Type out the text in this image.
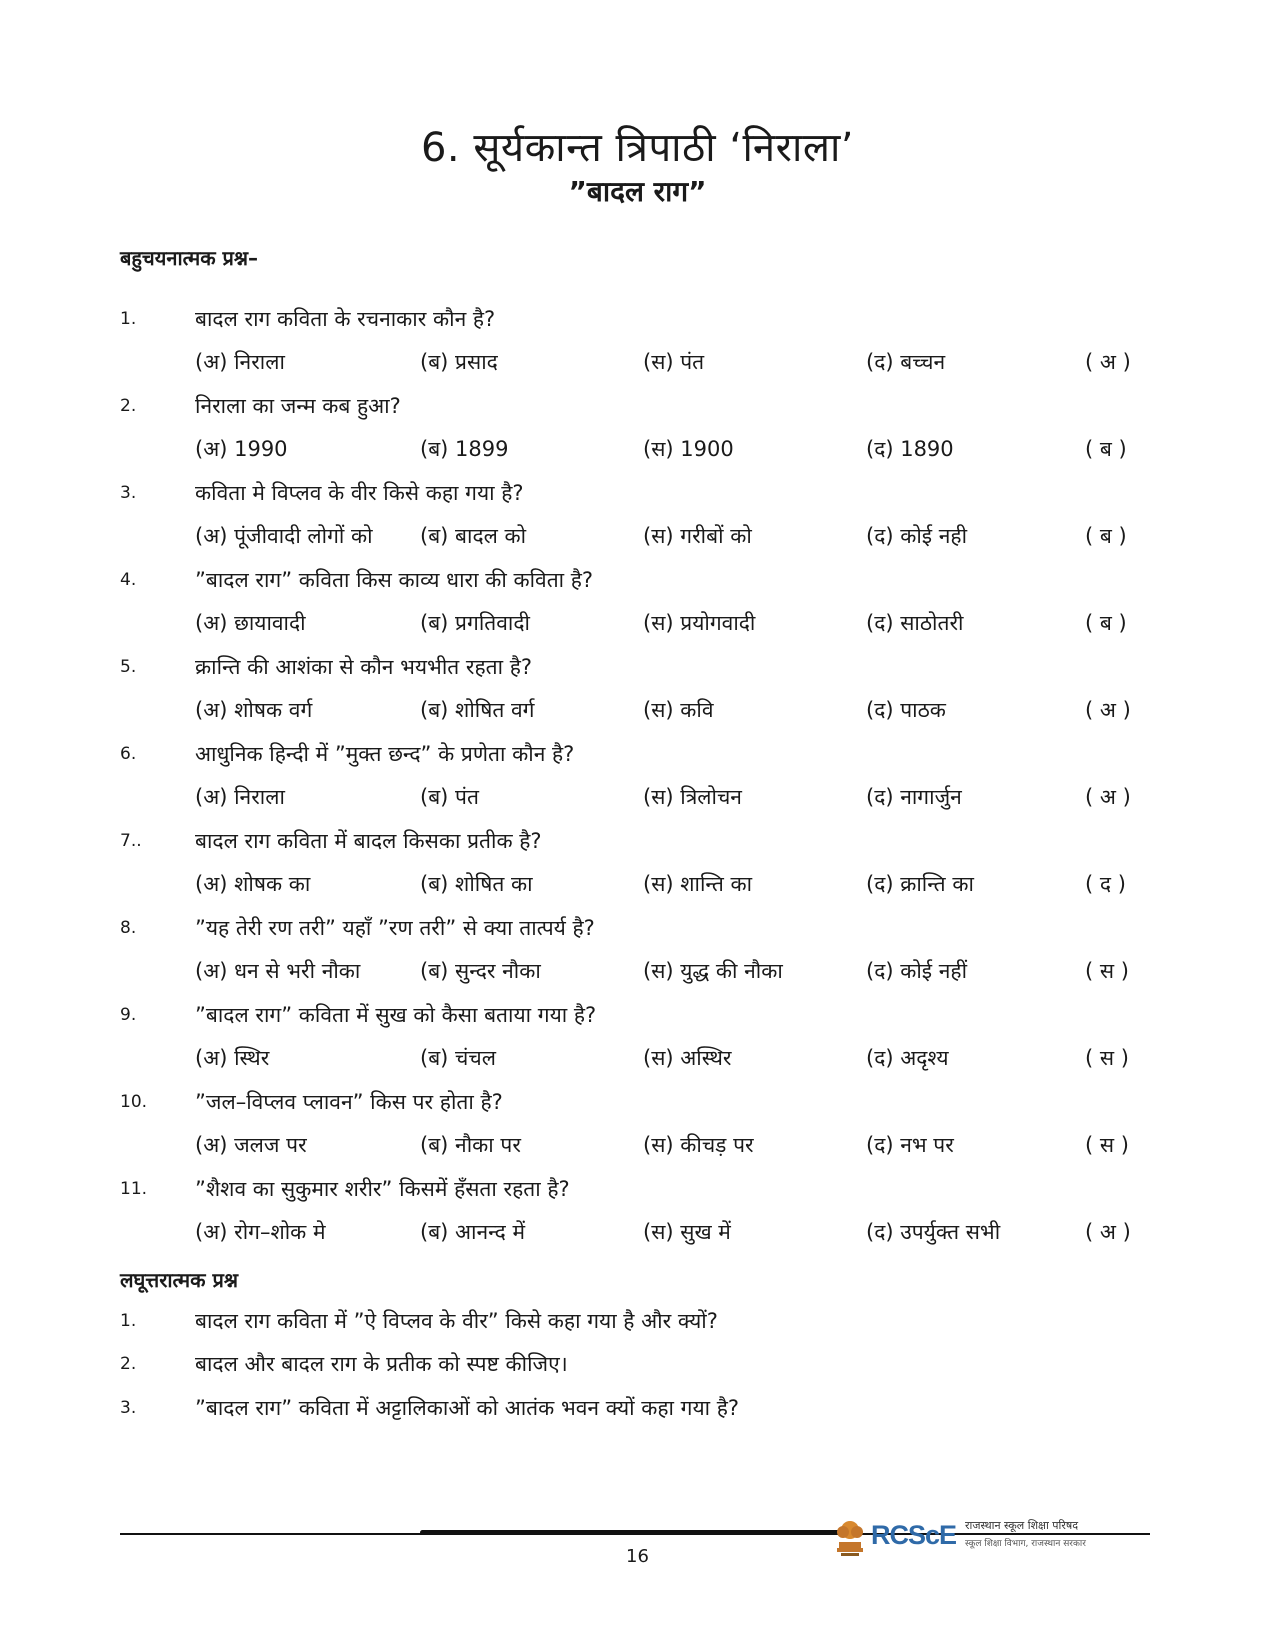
6. सूर्यकान्त त्रिपाठी ‘निराला’
”बादल राग”
बहुचयनात्मक प्रश्न–
1.	बादल राग कविता के रचनाकार कौन है?
(अ) निराला	(ब) प्रसाद	(स) पंत	(द) बच्चन	( अ )
2.	निराला का जन्म कब हुआ?
(अ) 1990	(ब) 1899	(स) 1900	(द) 1890	( ब )
3.	कविता मे विप्लव के वीर किसे कहा गया है?
(अ) पूंजीवादी लोगों को (ब) बादल को	(स) गरीबों को	(द) कोई नही	( ब )
4.	”बादल राग” कविता किस काव्य धारा की कविता है?
(अ) छायावादी	(ब) प्रगतिवादी	(स) प्रयोगवादी	(द) साठोतरी	( ब )
5.	क्रान्ति की आशंका से कौन भयभीत रहता है?
(अ) शोषक वर्ग	(ब) शोषित वर्ग	(स) कवि	(द) पाठक	( अ )
6.	आधुनिक हिन्दी में ”मुक्त छन्द” के प्रणेता कौन है?
(अ) निराला	(ब) पंत	(स) त्रिलोचन	(द) नागार्जुन	( अ )
7..	बादल राग कविता में बादल किसका प्रतीक है?
(अ) शोषक का	(ब) शोषित का	(स) शान्ति का	(द) क्रान्ति का	( द )
8.	”यह तेरी रण तरी” यहाँ ”रण तरी” से क्या तात्पर्य है?
(अ) धन से भरी नौका	(ब) सुन्दर नौका	(स) युद्ध की नौका	(द) कोई नहीं	( स )
9.	”बादल राग” कविता में सुख को कैसा बताया गया है?
(अ) स्थिर	(ब) चंचल	(स) अस्थिर	(द) अदृश्य	( स )
10. ”जल–विप्लव प्लावन” किस पर होता है?
(अ) जलज पर	(ब) नौका पर	(स) कीचड़ पर	(द) नभ पर	( स )
11. ”शैशव का सुकुमार शरीर” किसमें हँसता रहता है?
(अ) रोग–शोक मे	(ब) आनन्द में	(स) सुख में	(द) उपर्युक्त सभी	( अ )
लघूत्तरात्मक प्रश्न
1.	बादल राग कविता में ”ऐ विप्लव के वीर” किसे कहा गया है और क्यों?
2.	बादल और बादल राग के प्रतीक को स्पष्ट कीजिए।
3.	”बादल राग” कविता में अट्टालिकाओं को आतंक भवन क्यों कहा गया है?
16
RCScE राजस्थान स्कूल शिक्षा परिषद
स्कूल शिक्षा विभाग, राजस्थान सरकार
